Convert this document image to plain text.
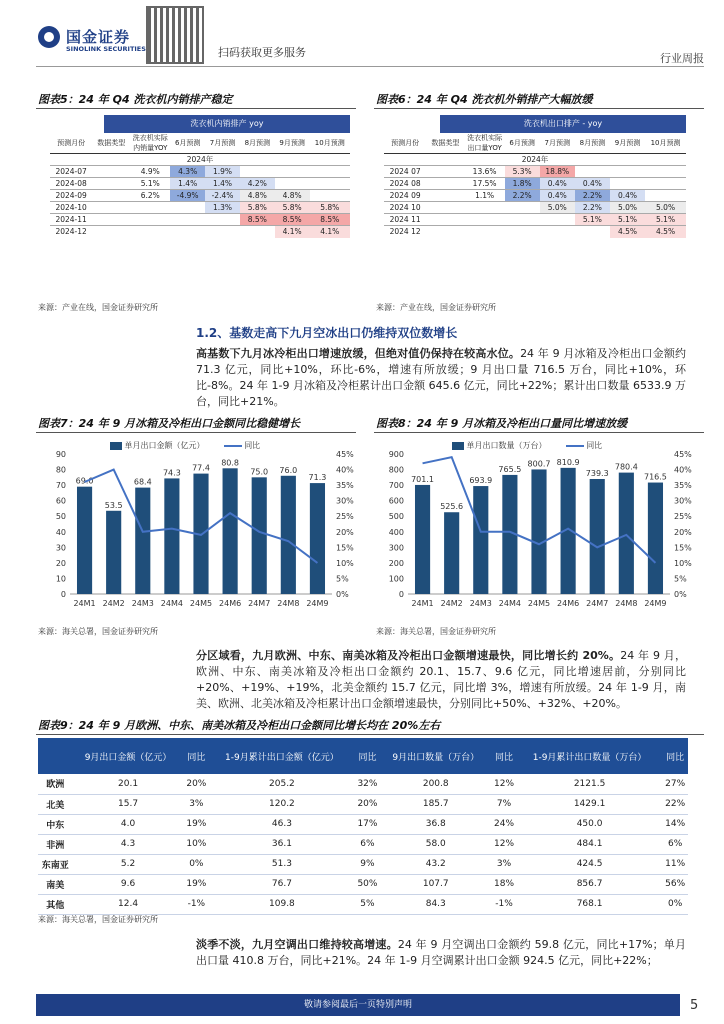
国金证券
SINOLINK SECURITIES	扫码获取更多服务	行业周报
图表5：24 年 Q4 洗衣机内销排产稳定
洗衣机内销排产 yoy
预测月份	数据类型	洗衣机实际内销量YOY	6月预测	7月预测	8月预测	9月预测	10月预测
2024年							
2024-07		4.9%	4.3%	1.9%			
2024-08		5.1%	1.4%	1.4%	4.2%		
2024-09		6.2%	-4.9%	-2.4%	4.8%	4.8%	
2024-10				1.3%	5.8%	5.8%	5.8%
2024-11					8.5%	8.5%	8.5%
2024-12						4.1%	4.1%
来源：产业在线，国金证券研究所
图表6：24 年 Q4 洗衣机外销排产大幅放缓
洗衣机出口排产 - yoy
预测月份	数据类型	洗衣机实际出口量YOY	6月预测	7月预测	8月预测	9月预测	10月预测
2024年							
2024 07		13.6%	5.3%	18.8%			
2024 08		17.5%	1.8%	0.4%	0.4%		
2024 09		1.1%	2.2%	0.4%	2.2%	0.4%	
2024 10				5.0%	2.2%	5.0%	5.0%
2024 11					5.1%	5.1%	5.1%
2024 12						4.5%	4.5%
来源：产业在线，国金证券研究所
1.2、基数走高下九月空冰出口仍维持双位数增长
高基数下九月冰冷柜出口增速放缓，但绝对值仍保持在较高水位。24 年 9 月冰箱及冷柜出口金额约 71.3 亿元，同比+10%，环比-6%，增速有所放缓；9 月出口量 716.5 万台，同比+10%，环比-8%。24 年 1-9 月冰箱及冷柜累计出口金额 645.6 亿元，同比+22%；累计出口数量 6533.9 万台，同比+21%。
图表7：24 年 9 月冰箱及冷柜出口金额同比稳健增长
单月出口金额（亿元）	同比
0
10
20
30
40
50
60
70
80
90
0%
5%
10%
15%
20%
25%
30%
35%
40%
45%
69.0
24M1
53.5
24M2
68.4
24M3
74.3
24M4
77.4
24M5
80.8
24M6
75.0
24M7
76.0
24M8
71.3
24M9
来源：海关总署，国金证券研究所
图表8：24 年 9 月冰箱及冷柜出口量同比增速放缓
单月出口数量（万台）	同比
0
100
200
300
400
500
600
700
800
900
0%
5%
10%
15%
20%
25%
30%
35%
40%
45%
701.1
24M1
525.6
24M2
693.9
24M3
765.5
24M4
800.7
24M5
810.9
24M6
739.3
24M7
780.4
24M8
716.5
24M9
来源：海关总署，国金证券研究所
分区域看，九月欧洲、中东、南美冰箱及冷柜出口金额增速最快，同比增长约 20%。24 年 9 月，欧洲、中东、南美冰箱及冷柜出口金额约 20.1、15.7、9.6 亿元，同比增速居前，分别同比+20%、+19%、+19%，北美金额约 15.7 亿元，同比增 3%，增速有所放缓。24 年 1-9 月，南美、欧洲、北美冰箱及冷柜累计出口金额增速最快，分别同比+50%、+32%、+20%。
图表9：24 年 9 月欧洲、中东、南美冰箱及冷柜出口金额同比增长均在 20%左右
	9月出口金额（亿元）	同比	1-9月累计出口金额（亿元）	同比	9月出口数量（万台）	同比	1-9月累计出口数量（万台）	同比
欧洲	20.1	20%	205.2	32%	200.8	12%	2121.5	27%
北美	15.7	3%	120.2	20%	185.7	7%	1429.1	22%
中东	4.0	19%	46.3	17%	36.8	24%	450.0	14%
非洲	4.3	10%	36.1	6%	58.0	12%	484.1	6%
东南亚	5.2	0%	51.3	9%	43.2	3%	424.5	11%
南美	9.6	19%	76.7	50%	107.7	18%	856.7	56%
其他	12.4	-1%	109.8	5%	84.3	-1%	768.1	0%
来源：海关总署，国金证券研究所
淡季不淡，九月空调出口维持较高增速。24 年 9 月空调出口金额约 59.8 亿元，同比+17%；单月出口量 410.8 万台，同比+21%。24 年 1-9 月空调累计出口金额 924.5 亿元，同比+22%；
敬请参阅最后一页特别声明	5
